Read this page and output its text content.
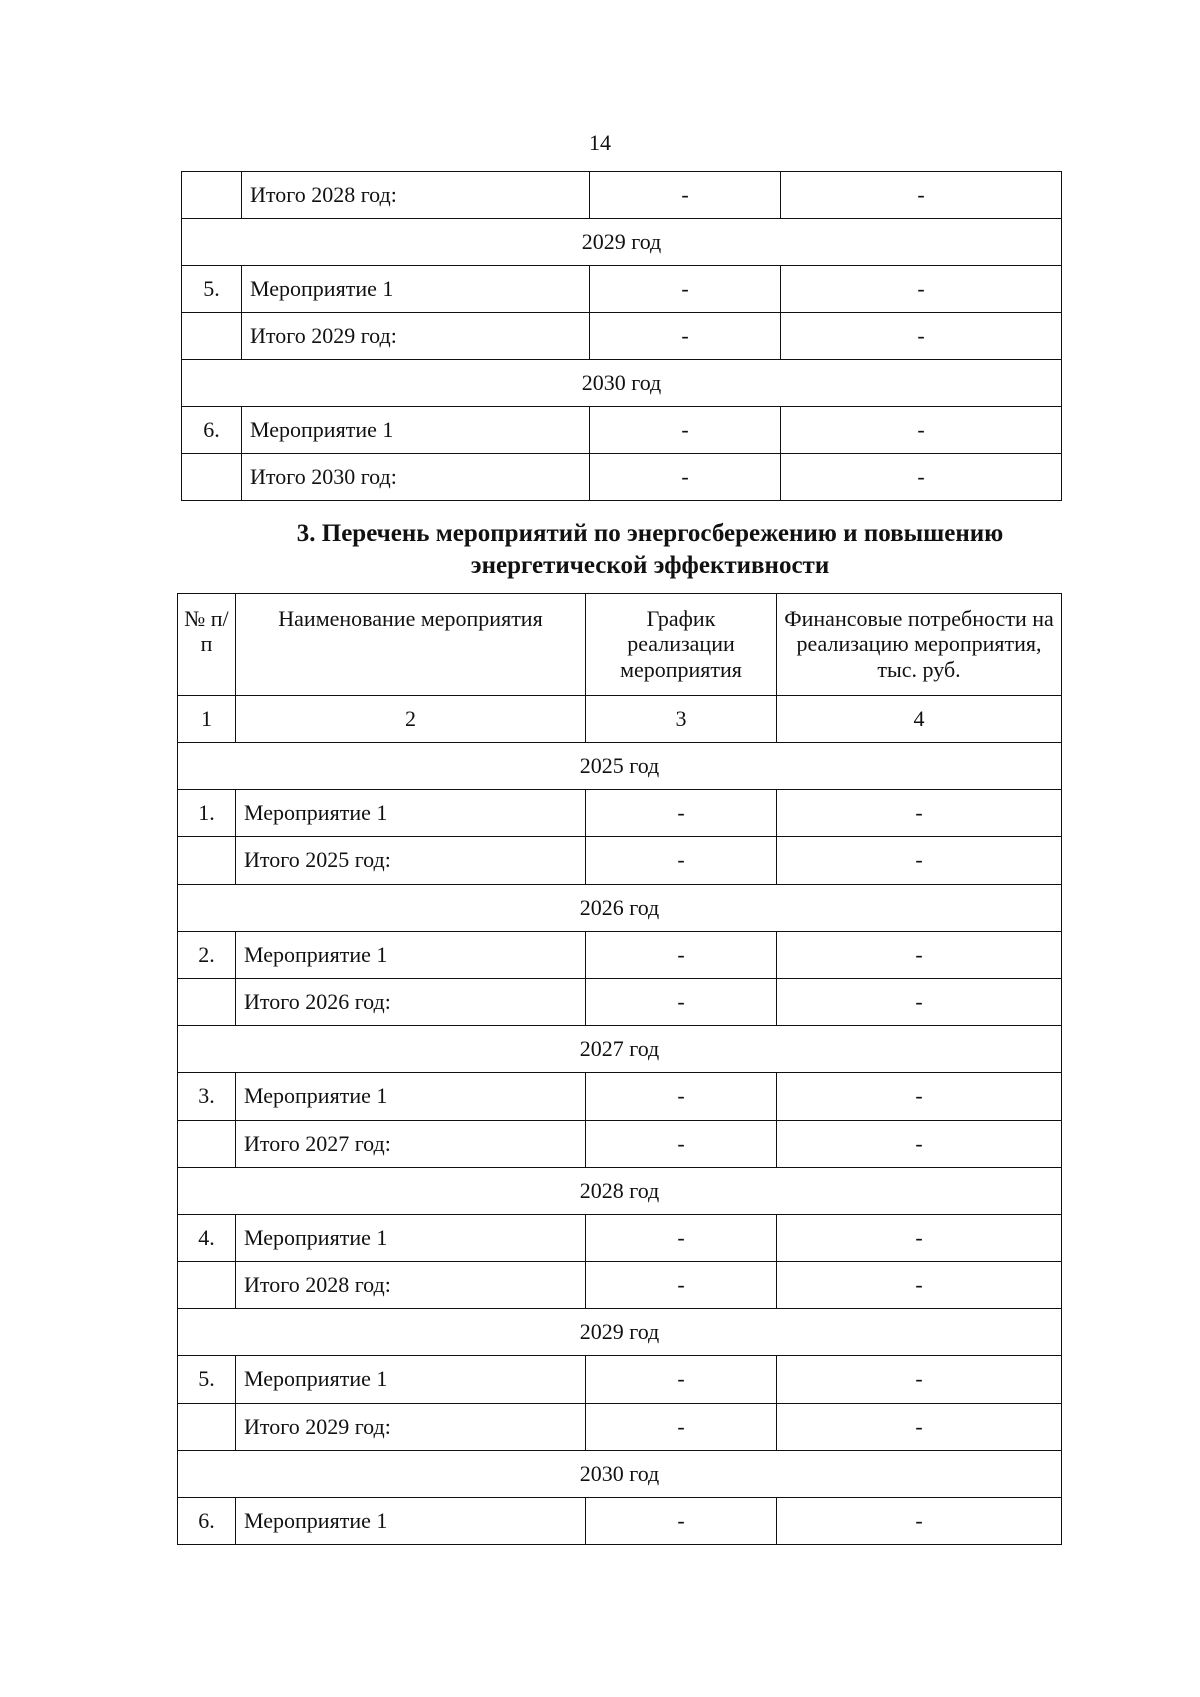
14
	Итого 2028 год:	-	-
2029 год			
5.	Мероприятие 1	-	-
	Итого 2029 год:	-	-
2030 год			
6.	Мероприятие 1	-	-
	Итого 2030 год:	-	-
3. Перечень мероприятий по энергосбережению и повышению
энергетической эффективности
№ п/п	Наименование мероприятия	График реализации мероприятия	Финансовые потребности на реализацию мероприятия, тыс. руб.
1	2	3	4
2025 год			
1.	Мероприятие 1	-	-
	Итого 2025 год:	-	-
2026 год			
2.	Мероприятие 1	-	-
	Итого 2026 год:	-	-
2027 год			
3.	Мероприятие 1	-	-
	Итого 2027 год:	-	-
2028 год			
4.	Мероприятие 1	-	-
	Итого 2028 год:	-	-
2029 год			
5.	Мероприятие 1	-	-
	Итого 2029 год:	-	-
2030 год			
6.	Мероприятие 1	-	-
